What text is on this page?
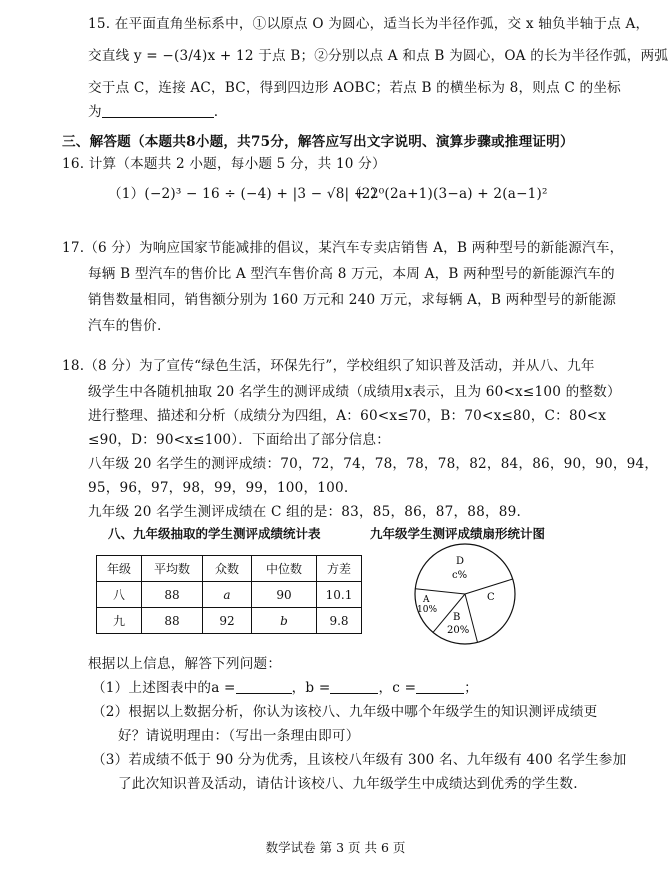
15. 在平面直角坐标系中，①以原点 O 为圆心，适当长为半径作弧，交 x 轴负半轴于点 A，
交直线 y = −(3/4)x + 12 于点 B；②分别以点 A 和点 B 为圆心，OA 的长为半径作弧，两弧
交于点 C，连接 AC，BC，得到四边形 AOBC；若点 B 的横坐标为 8，则点 C 的坐标
为	.
三、解答题（本题共8小题，共75分，解答应写出文字说明、演算步骤或推理证明）
16. 计算（本题共 2 小题，每小题 5 分，共 10 分）
（1）(−2)³ − 16 ÷ (−4) + |3 − √8| + 2⁰
（2）(2a+1)(3−a) + 2(a−1)²
17.（6 分）为响应国家节能减排的倡议，某汽车专卖店销售 A，B 两种型号的新能源汽车，
每辆 B 型汽车的售价比 A 型汽车售价高 8 万元，本周 A，B 两种型号的新能源汽车的
销售数量相同，销售额分别为 160 万元和 240 万元，求每辆 A，B 两种型号的新能源
汽车的售价.
18.（8 分）为了宣传“绿色生活，环保先行”，学校组织了知识普及活动，并从八、九年
级学生中各随机抽取 20 名学生的测评成绩（成绩用x表示，且为 60<x≤100 的整数）
进行整理、描述和分析（成绩分为四组，A：60<x≤70，B：70<x≤80，C：80<x
≤90，D：90<x≤100）．下面给出了部分信息：
八年级 20 名学生的测评成绩：70，72，74，78，78，78，82，84，86，90，90，94，
95，96，97，98，99，99，100，100.
九年级 20 名学生测评成绩在 C 组的是：83，85，86，87，88，89.
八、九年级抽取的学生测评成绩统计表	九年级学生测评成绩扇形统计图
年级	平均数	众数	中位数	方差
八	88	a	90	10.1
九	88	92	b	9.8
D
c%
C
A
10%
B
20%
根据以上信息，解答下列问题：
（1）上述图表中的a =	，b =	，c =	；
（2）根据以上数据分析，你认为该校八、九年级中哪个年级学生的知识测评成绩更
好？请说明理由：（写出一条理由即可）
（3）若成绩不低于 90 分为优秀，且该校八年级有 300 名、九年级有 400 名学生参加
了此次知识普及活动，请估计该校八、九年级学生中成绩达到优秀的学生数.
数学试卷 第 3 页 共 6 页
